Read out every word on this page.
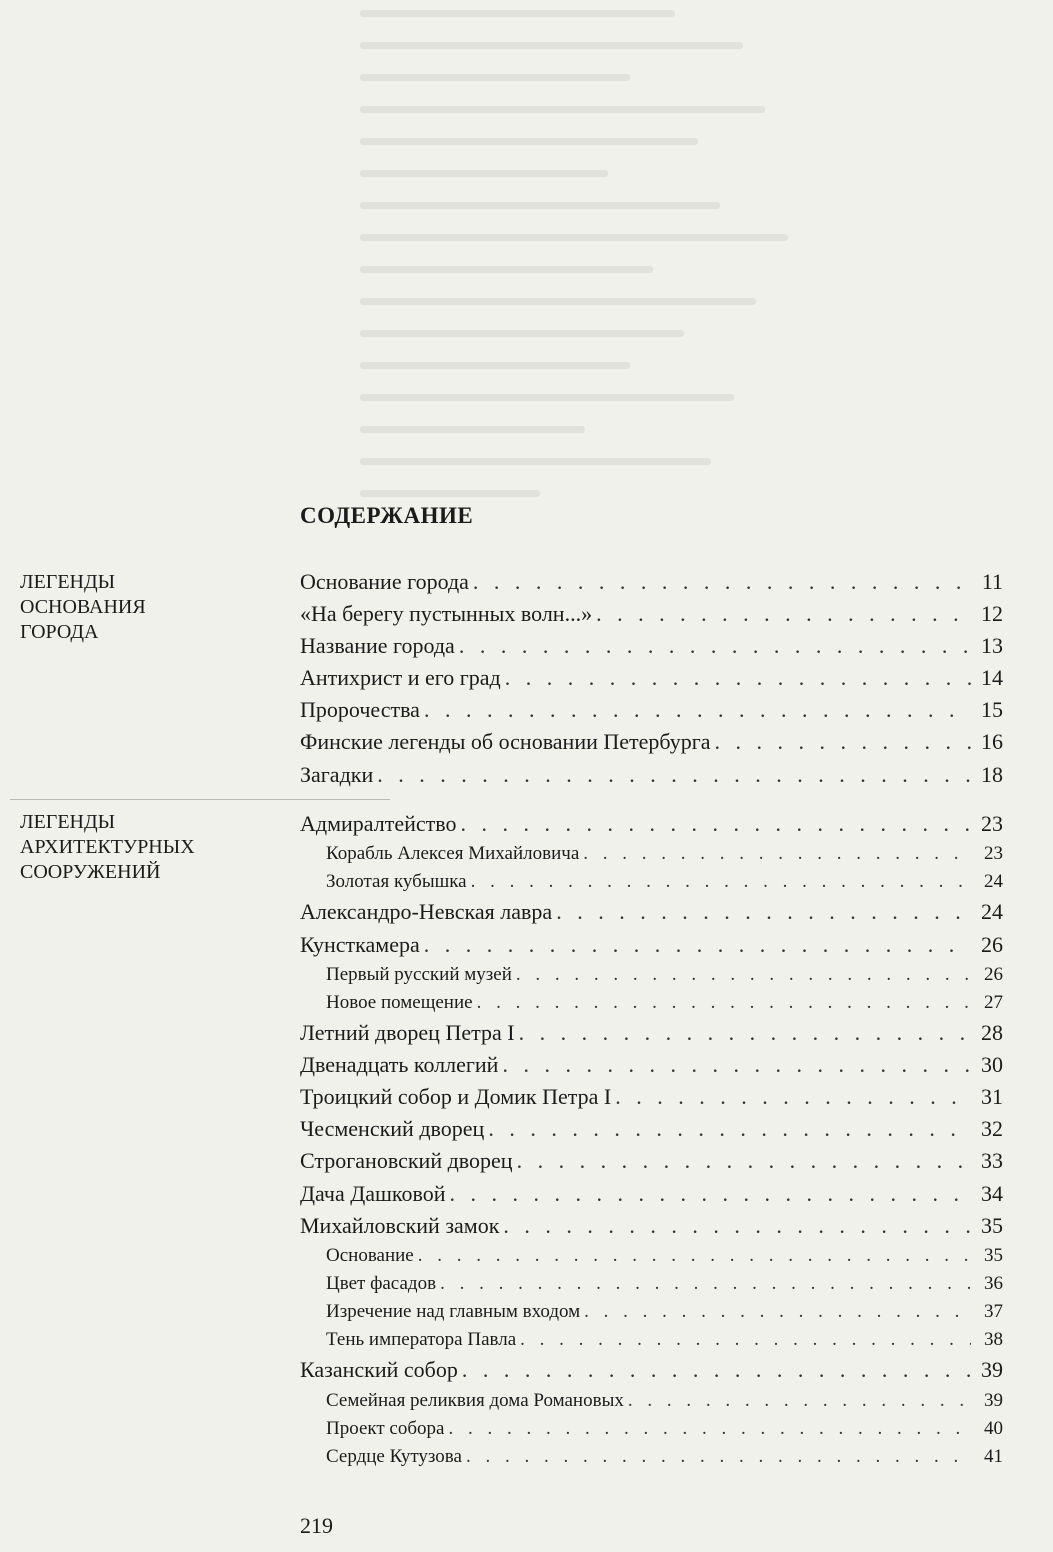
СОДЕРЖАНИЕ
ЛЕГЕНДЫ
ОСНОВАНИЯ
ГОРОДА
Основание города . . .	11
«На берегу пустынных волн...» . . .	12
Название города . . .	13
Антихрист и его град . . .	14
Пророчества . . .	15
Финские легенды об основании Петербурга . . .	16
Загадки . . .	18
ЛЕГЕНДЫ
АРХИТЕКТУРНЫХ
СООРУЖЕНИЙ
Адмиралтейство . . .	23
Корабль Алексея Михайловича . . .	23
Золотая кубышка . . .	24
Александро-Невская лавра . . .	24
Кунсткамера . . .	26
Первый русский музей . . .	26
Новое помещение . . .	27
Летний дворец Петра I . . .	28
Двенадцать коллегий . . .	30
Троицкий собор и Домик Петра I . . .	31
Чесменский дворец . . .	32
Строгановский дворец . . .	33
Дача Дашковой . . .	34
Михайловский замок . . .	35
Основание . . .	35
Цвет фасадов . . .	36
Изречение над главным входом . . .	37
Тень императора Павла . . .	38
Казанский собор . . .	39
Семейная реликвия дома Романовых . . .	39
Проект собора . . .	40
Сердце Кутузова . . .	41
219
